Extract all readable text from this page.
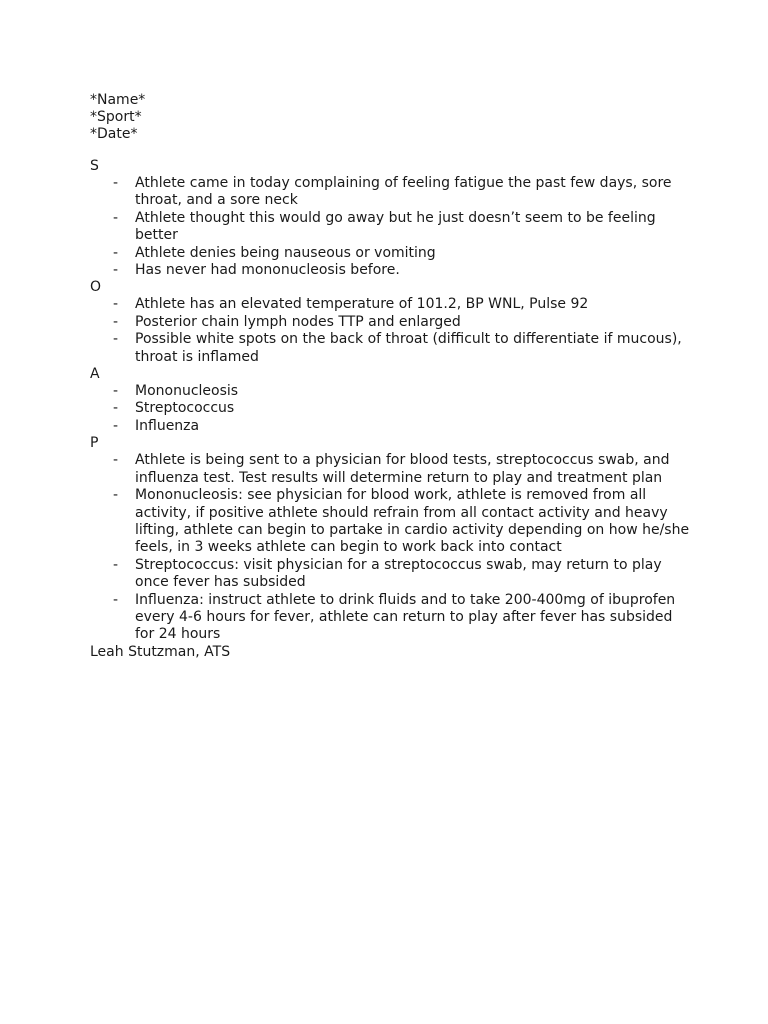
*Name*
*Sport*
*Date*
S
- Athlete came in today complaining of feeling fatigue the past few days, sore throat, and a sore neck
- Athlete thought this would go away but he just doesn’t seem to be feeling better
- Athlete denies being nauseous or vomiting
- Has never had mononucleosis before.
O
- Athlete has an elevated temperature of 101.2, BP WNL, Pulse 92
- Posterior chain lymph nodes TTP and enlarged
- Possible white spots on the back of throat (difficult to differentiate if mucous), throat is inflamed
A
- Mononucleosis
- Streptococcus
- Influenza
P
- Athlete is being sent to a physician for blood tests, streptococcus swab, and influenza test. Test results will determine return to play and treatment plan
- Mononucleosis: see physician for blood work, athlete is removed from all activity, if positive athlete should refrain from all contact activity and heavy lifting, athlete can begin to partake in cardio activity depending on how he/she feels, in 3 weeks athlete can begin to work back into contact
- Streptococcus: visit physician for a streptococcus swab, may return to play once fever has subsided
- Influenza: instruct athlete to drink fluids and to take 200-400mg of ibuprofen every 4-6 hours for fever, athlete can return to play after fever has subsided for 24 hours
Leah Stutzman, ATS
